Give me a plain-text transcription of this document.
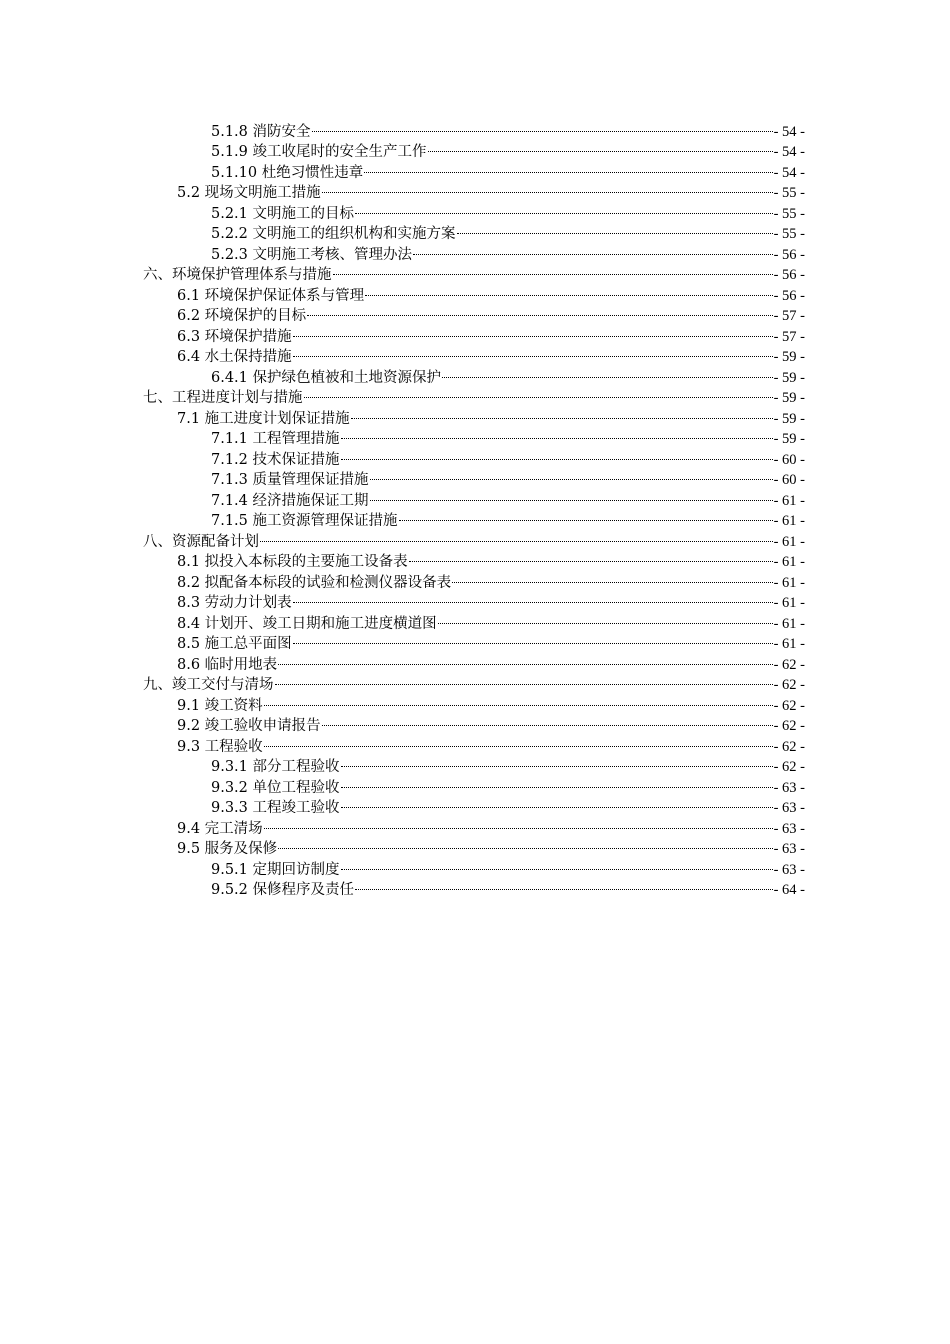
5.1.8 消防安全	- 54 -
5.1.9 竣工收尾时的安全生产工作	- 54 -
5.1.10 杜绝习惯性违章	- 54 -
5.2 现场文明施工措施	- 55 -
5.2.1 文明施工的目标	- 55 -
5.2.2 文明施工的组织机构和实施方案	- 55 -
5.2.3 文明施工考核、管理办法	- 56 -
六、环境保护管理体系与措施	- 56 -
6.1 环境保护保证体系与管理	- 56 -
6.2 环境保护的目标	- 57 -
6.3 环境保护措施	- 57 -
6.4 水土保持措施	- 59 -
6.4.1 保护绿色植被和土地资源保护	- 59 -
七、工程进度计划与措施	- 59 -
7.1 施工进度计划保证措施	- 59 -
7.1.1 工程管理措施	- 59 -
7.1.2 技术保证措施	- 60 -
7.1.3 质量管理保证措施	- 60 -
7.1.4 经济措施保证工期	- 61 -
7.1.5 施工资源管理保证措施	- 61 -
八、资源配备计划	- 61 -
8.1 拟投入本标段的主要施工设备表	- 61 -
8.2 拟配备本标段的试验和检测仪器设备表	- 61 -
8.3 劳动力计划表	- 61 -
8.4 计划开、竣工日期和施工进度横道图	- 61 -
8.5 施工总平面图	- 61 -
8.6 临时用地表	- 62 -
九、竣工交付与清场	- 62 -
9.1 竣工资料	- 62 -
9.2 竣工验收申请报告	- 62 -
9.3 工程验收	- 62 -
9.3.1 部分工程验收	- 62 -
9.3.2 单位工程验收	- 63 -
9.3.3 工程竣工验收	- 63 -
9.4 完工清场	- 63 -
9.5 服务及保修	- 63 -
9.5.1 定期回访制度	- 63 -
9.5.2 保修程序及责任	- 64 -
